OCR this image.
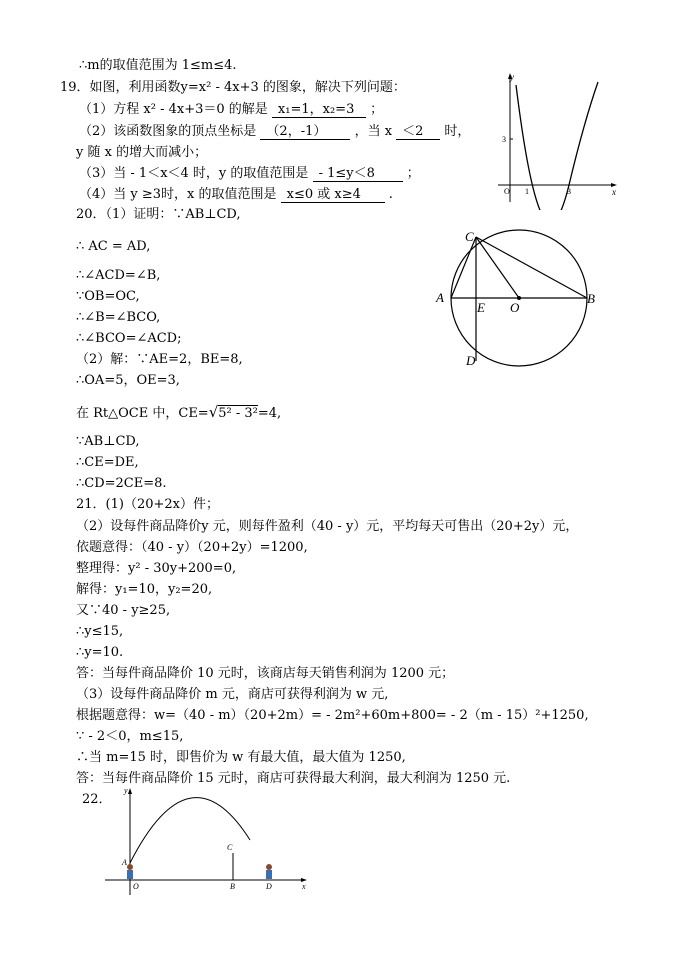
∴m的取值范围为 1≤m≤4.
19．如图，利用函数y=x² - 4x+3 的图象，解决下列问题：
（1）方程 x² - 4x+3＝0 的解是 x₁=1，x₂=3 ；
（2）该函数图象的顶点坐标是 （2，-1） ，当 x ＜2 时，
y 随 x 的增大而减小；
（3）当 - 1＜x＜4 时，y 的取值范围是 - 1≤y＜8 ；
（4）当 y ≥3时，x 的取值范围是 x≤0 或 x≥4 .
20．（1）证明：∵AB⊥CD,
∴ AC = AD,
∴∠ACD=∠B,
∵OB=OC,
∴∠B=∠BCO,
∴∠BCO=∠ACD;
（2）解：∵AE=2，BE=8,
∴OA=5，OE=3,
在 Rt△OCE 中，CE=√5² - 3²=4,
∵AB⊥CD,
∴CE=DE,
∴CD=2CE=8.
21．(1)（20+2x）件；
（2）设每件商品降价y 元，则每件盈利（40 - y）元，平均每天可售出（20+2y）元，
依题意得：（40 - y）（20+2y）=1200,
整理得：y² - 30y+200=0,
解得：y₁=10，y₂=20,
又∵40 - y≥25,
∴y≤15,
∴y=10.
答：当每件商品降价 10 元时，该商店每天销售利润为 1200 元；
（3）设每件商品降价 m 元，商店可获得利润为 w 元,
根据题意得：w=（40 - m）（20+2m）= - 2m²+60m+800= - 2（m - 15）²+1250,
∵ - 2＜0，m≤15,
∴当 m=15 时，即售价为 w 有最大值，最大值为 1250,
答：当每件商品降价 15 元时，商店可获得最大利润，最大利润为 1250 元.
22．
y
x
O 1	3
3
A	B
C
D
E O
y
x
A
O	B
C
D
